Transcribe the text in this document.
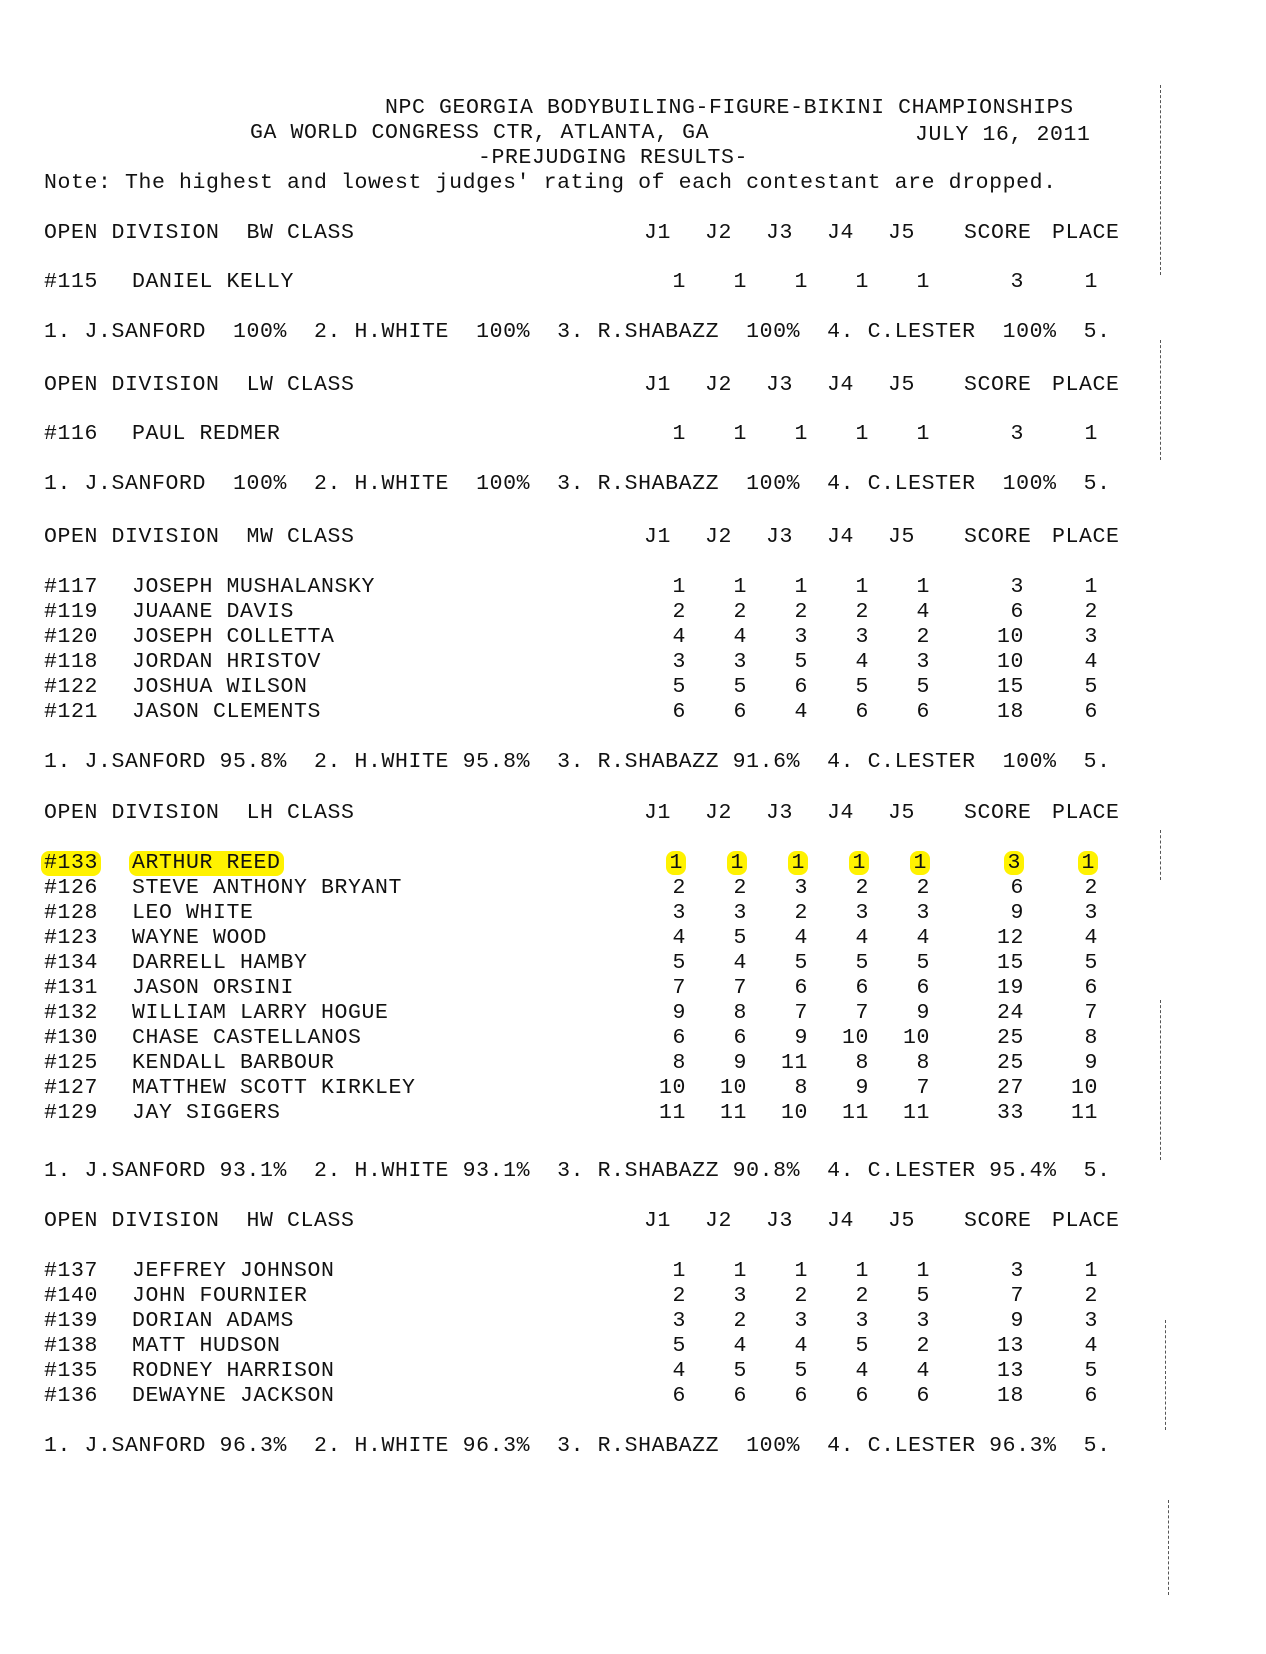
NPC GEORGIA BODYBUILING-FIGURE-BIKINI CHAMPIONSHIPS
GA WORLD CONGRESS CTR, ATLANTA, GA	JULY 16, 2011
-PREJUDGING RESULTS-
Note: The highest and lowest judges' rating of each contestant are dropped.
OPEN DIVISION  BW CLASS	J1 J2 J3 J4 J5 SCORE PLACE
#115 DANIEL KELLY	1	1	1	1	1	3	1
1. J.SANFORD  100%  2. H.WHITE  100%  3. R.SHABAZZ  100%  4. C.LESTER  100%  5.
OPEN DIVISION  LW CLASS	J1 J2 J3 J4 J5 SCORE PLACE
#116 PAUL REDMER	1	1	1	1	1	3	1
1. J.SANFORD  100%  2. H.WHITE  100%  3. R.SHABAZZ  100%  4. C.LESTER  100%  5.
OPEN DIVISION  MW CLASS	J1 J2 J3 J4 J5 SCORE PLACE
#117 JOSEPH MUSHALANSKY	1	1	1	1	1	3	1
#119 JUAANE DAVIS	2	2	2	2	4	6	2
#120 JOSEPH COLLETTA	4	4	3	3	2	10	3
#118 JORDAN HRISTOV	3	3	5	4	3	10	4
#122 JOSHUA WILSON	5	5	6	5	5	15	5
#121 JASON CLEMENTS	6	6	4	6	6	18	6
1. J.SANFORD 95.8%  2. H.WHITE 95.8%  3. R.SHABAZZ 91.6%  4. C.LESTER  100%  5.
OPEN DIVISION  LH CLASS	J1 J2 J3 J4 J5 SCORE PLACE
#133 ARTHUR REED	1	1	1	1	1	3	1
#126 STEVE ANTHONY BRYANT	2	2	3	2	2	6	2
#128 LEO WHITE	3	3	2	3	3	9	3
#123 WAYNE WOOD	4	5	4	4	4	12	4
#134 DARRELL HAMBY	5	4	5	5	5	15	5
#131 JASON ORSINI	7	7	6	6	6	19	6
#132 WILLIAM LARRY HOGUE	9	8	7	7	9	24	7
#130 CHASE CASTELLANOS	6	6	9	10	10	25	8
#125 KENDALL BARBOUR	8	9	11	8	8	25	9
#127 MATTHEW SCOTT KIRKLEY	10	10	8	9	7	27	10
#129 JAY SIGGERS	11	11	10	11	11	33	11
1. J.SANFORD 93.1%  2. H.WHITE 93.1%  3. R.SHABAZZ 90.8%  4. C.LESTER 95.4%  5.
OPEN DIVISION  HW CLASS	J1 J2 J3 J4 J5 SCORE PLACE
#137 JEFFREY JOHNSON	1	1	1	1	1	3	1
#140 JOHN FOURNIER	2	3	2	2	5	7	2
#139 DORIAN ADAMS	3	2	3	3	3	9	3
#138 MATT HUDSON	5	4	4	5	2	13	4
#135 RODNEY HARRISON	4	5	5	4	4	13	5
#136 DEWAYNE JACKSON	6	6	6	6	6	18	6
1. J.SANFORD 96.3%  2. H.WHITE 96.3%  3. R.SHABAZZ  100%  4. C.LESTER 96.3%  5.
